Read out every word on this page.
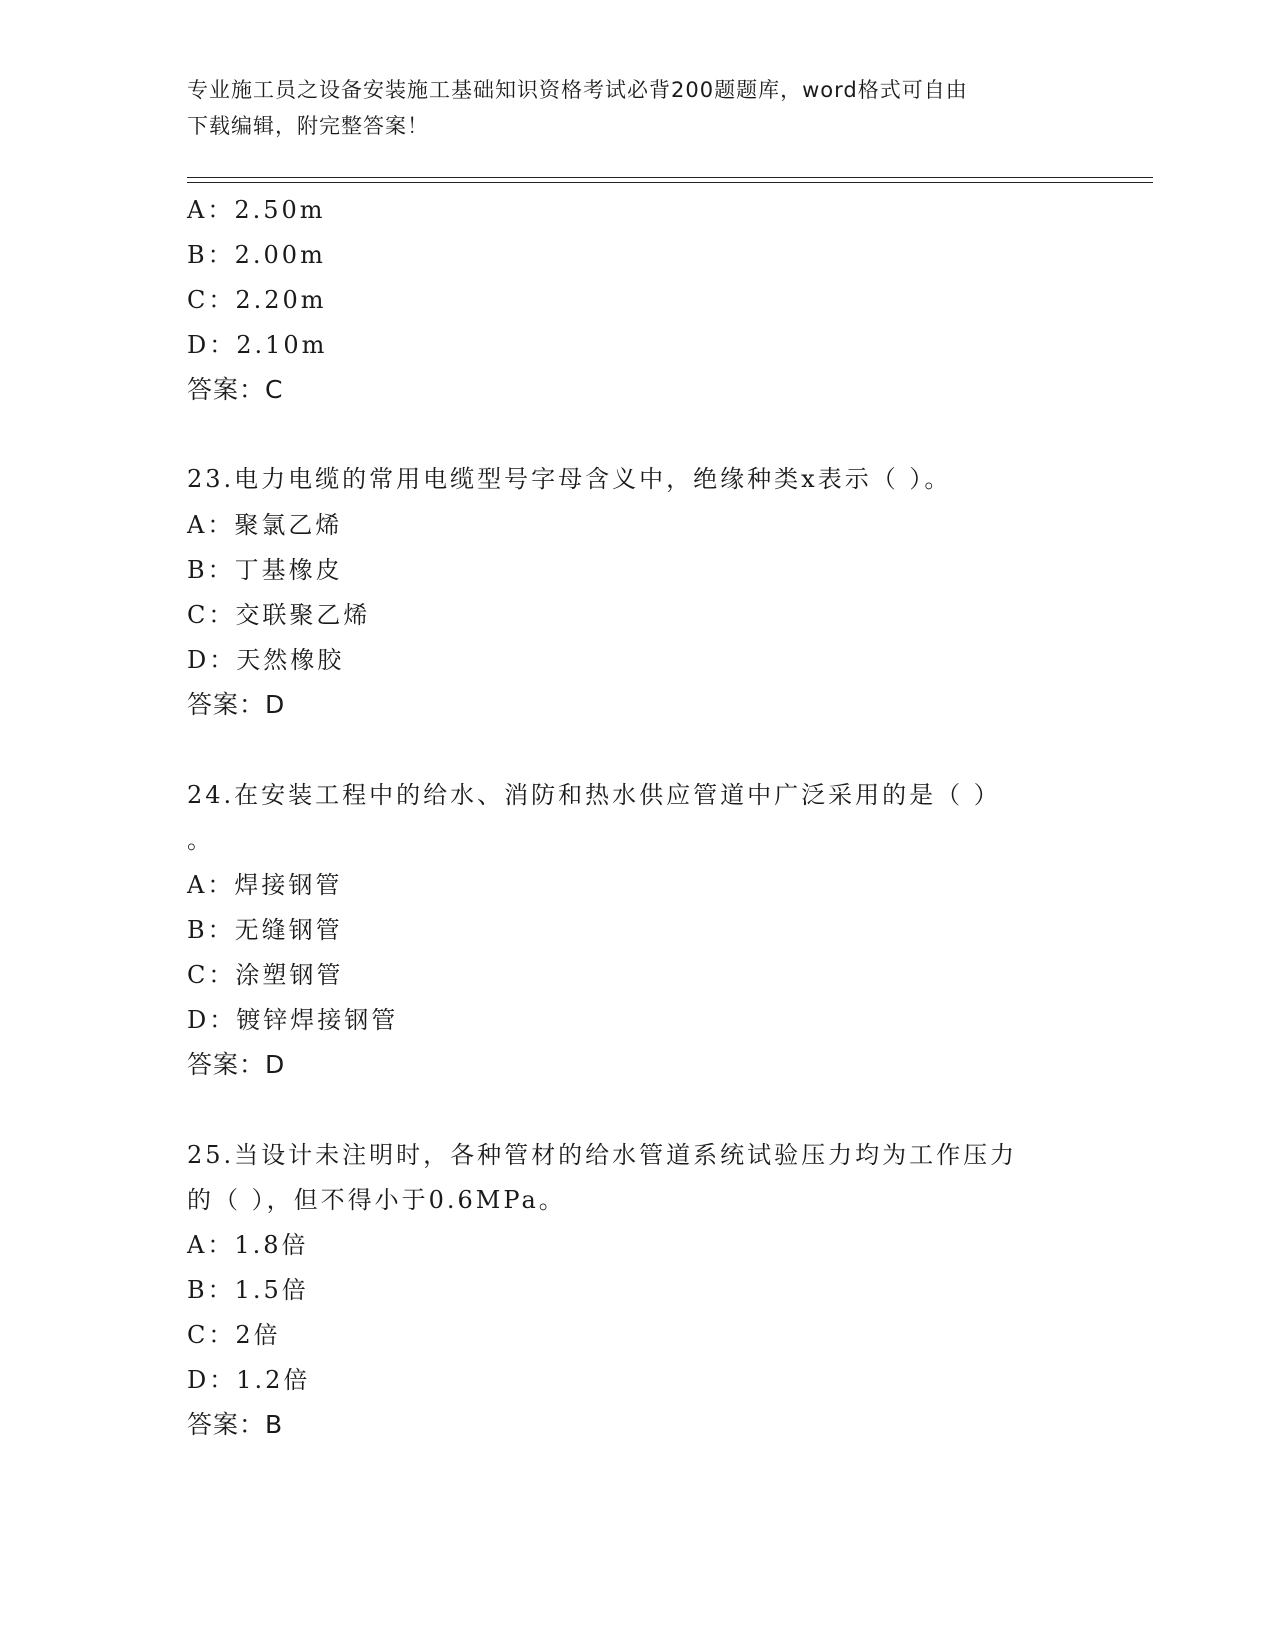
专业施工员之设备安装施工基础知识资格考试必背200题题库，word格式可自由
下载编辑，附完整答案！
A：2.50m
B：2.00m
C：2.20m
D：2.10m
答案：C
23.电力电缆的常用电缆型号字母含义中，绝缘种类x表示（ ）。
A：聚氯乙烯
B：丁基橡皮
C：交联聚乙烯
D：天然橡胶
答案：D
24.在安装工程中的给水、消防和热水供应管道中广泛采用的是（ ）
。
A：焊接钢管
B：无缝钢管
C：涂塑钢管
D：镀锌焊接钢管
答案：D
25.当设计未注明时，各种管材的给水管道系统试验压力均为工作压力
的（ ），但不得小于0.6MPa。
A：1.8倍
B：1.5倍
C：2倍
D：1.2倍
答案：B
